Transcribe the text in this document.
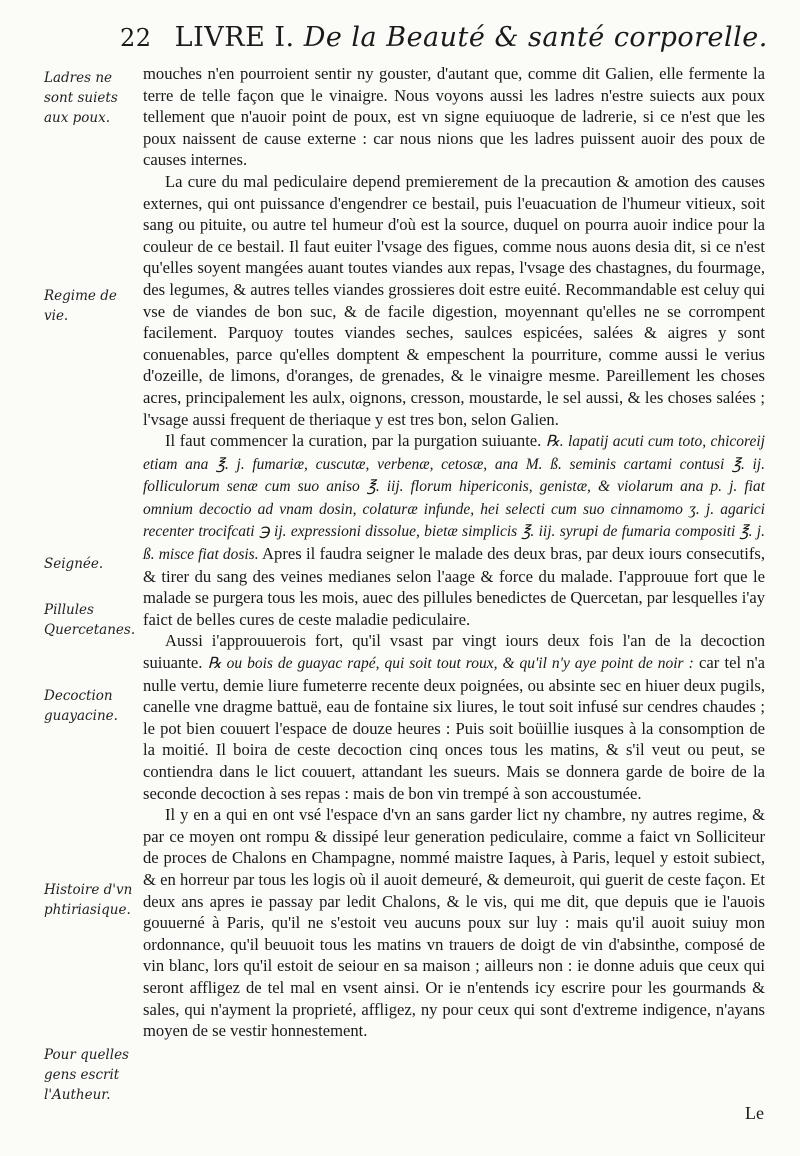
22 LIVRE I. De la Beauté & santé corporelle.
Ladres ne sont suiets aux poux.
Regime de vie.
Seignée.
Pillules Quercetanes.
Decoction guayacine.
Histoire d'vn phtiriasique.
Pour quelles gens escrit l'Autheur.

mouches n'en pourroient sentir ny gouster, d'autant que, comme dit Galien, elle fermente la terre de telle façon que le vinaigre. Nous voyons aussi les ladres n'estre suiects aux poux tellement que n'auoir point de poux, est vn signe equiuoque de ladrerie, si ce n'est que les poux naissent de cause externe : car nous nions que les ladres puissent auoir des poux de causes internes.

La cure du mal pediculaire depend premierement de la precaution & amotion des causes externes, qui ont puissance d'engendrer ce bestail, puis l'euacuation de l'humeur vitieux, soit sang ou pituite, ou autre tel humeur d'où est la source, duquel on pourra auoir indice pour la couleur de ce bestail. Il faut euiter l'vsage des figues, comme nous auons desia dit, si ce n'est qu'elles soyent mangées auant toutes viandes aux repas, l'vsage des chastagnes, du fourmage, des legumes, & autres telles viandes grossieres doit estre euité. Recommandable est celuy qui vse de viandes de bon suc, & de facile digestion, moyennant qu'elles ne se corrompent facilement. Parquoy toutes viandes seches, saulces espicées, salées & aigres y sont conuenables, parce qu'elles domptent & empeschent la pourriture, comme aussi le verius d'ozeille, de limons, d'oranges, de grenades, & le vinaigre mesme. Pareillement les choses acres, principalement les aulx, oignons, cresson, moustarde, le sel aussi, & les choses salées ; l'vsage aussi frequent de theriaque y est tres bon, selon Galien.

Il faut commencer la curation, par la purgation suiuante. ℞. lapatij acuti cum toto, chicoreij etiam ana ℥. j. fumariæ, cuscutæ, verbenæ, cetosæ, ana M. ß. seminis cartami contusi ℥. ij. folliculorum senæ cum suo aniso ℥. iij. florum hipericonis, genistæ, & violarum ana p. j. fiat omnium decoctio ad vnam dosin, colaturæ infunde, hei selecti cum suo cinnamomo ʒ. j. agarici recenter trocifcati ℈ ij. expressioni dissolue, bietæ simplicis ℥. iij. syrupi de fumaria compositi ℥. j. ß. misce fiat dosis. Apres il faudra seigner le malade des deux bras, par deux iours consecutifs, & tirer du sang des veines medianes selon l'aage & force du malade. I'approuue fort que le malade se purgera tous les mois, auec des pillules benedictes de Quercetan, par lesquelles i'ay faict de belles cures de ceste maladie pediculaire.

Aussi i'approuuerois fort, qu'il vsast par vingt iours deux fois l'an de la decoction suiuante. ℞ ou bois de guayac rapé, qui soit tout roux, & qu'il n'y aye point de noir : car tel n'a nulle vertu, demie liure fumeterre recente deux poignées, ou absinte sec en hiuer deux pugils, canelle vne dragme battuë, eau de fontaine six liures, le tout soit infusé sur cendres chaudes ; le pot bien couuert l'espace de douze heures : Puis soit boüillie iusques à la consomption de la moitié. Il boira de ceste decoction cinq onces tous les matins, & s'il veut ou peut, se contiendra dans le lict couuert, attandant les sueurs. Mais se donnera garde de boire de la seconde decoction à ses repas : mais de bon vin trempé à son accoustumée.

Il y en a qui en ont vsé l'espace d'vn an sans garder lict ny chambre, ny autres regime, & par ce moyen ont rompu & dissipé leur generation pediculaire, comme a faict vn Solliciteur de proces de Chalons en Champagne, nommé maistre Iaques, à Paris, lequel y estoit subiect, & en horreur par tous les logis où il auoit demeuré, & demeuroit, qui guerit de ceste façon. Et deux ans apres ie passay par ledit Chalons, & le vis, qui me dit, que depuis que ie l'auois gouuerné à Paris, qu'il ne s'estoit veu aucuns poux sur luy : mais qu'il auoit suiuy mon ordonnance, qu'il beuuoit tous les matins vn trauers de doigt de vin d'absinthe, composé de vin blanc, lors qu'il estoit de seiour en sa maison ; ailleurs non : ie donne aduis que ceux qui seront affligez de tel mal en vsent ainsi. Or ie n'entends icy escrire pour les gourmands & sales, qui n'ayment la proprieté, affligez, ny pour ceux qui sont d'extreme indigence, n'ayans moyen de se vestir honnestement.

Le
